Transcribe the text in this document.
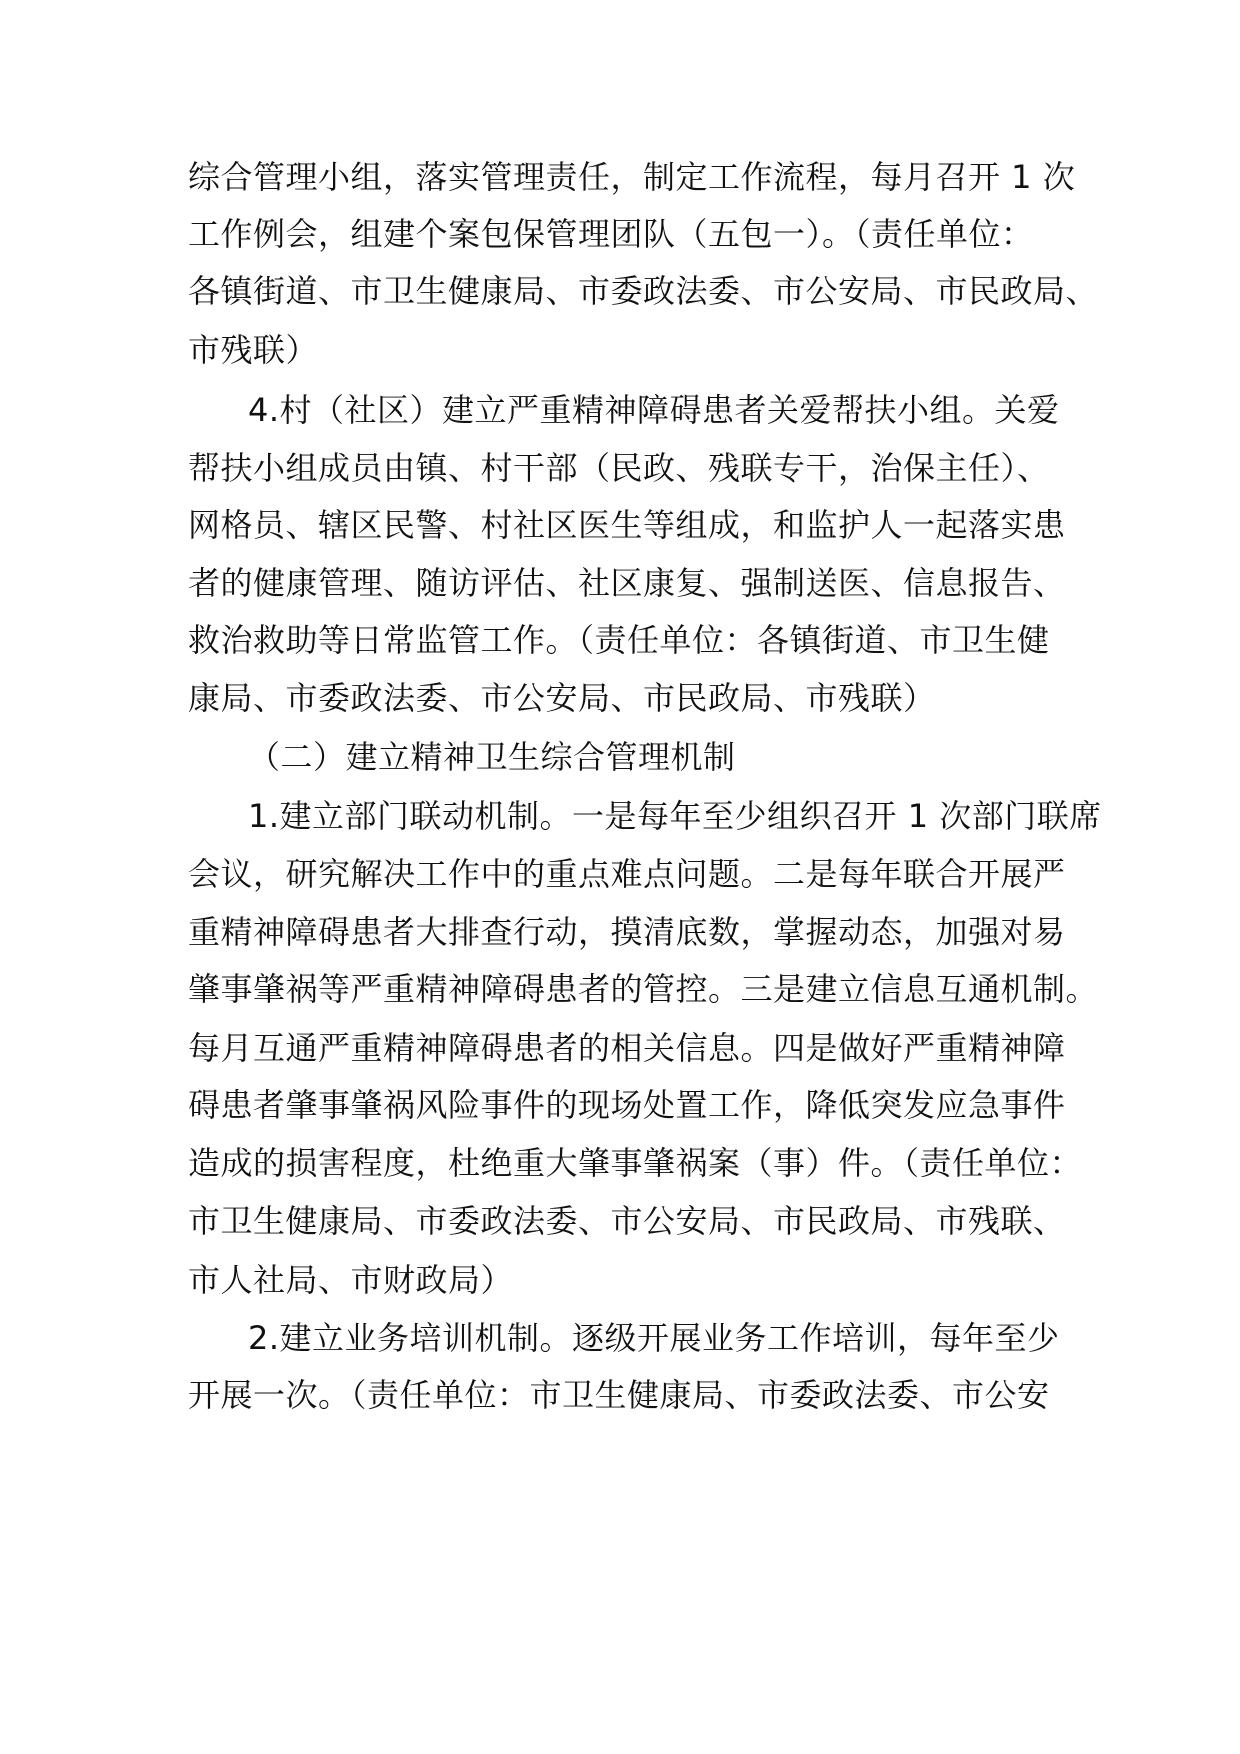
综合管理小组，落实管理责任，制定工作流程，每月召开 1 次
工作例会，组建个案包保管理团队（五包一）。（责任单位：
各镇街道、市卫生健康局、市委政法委、市公安局、市民政局、
市残联）
4.村（社区）建立严重精神障碍患者关爱帮扶小组。关爱
帮扶小组成员由镇、村干部（民政、残联专干，治保主任）、
网格员、辖区民警、村社区医生等组成，和监护人一起落实患
者的健康管理、随访评估、社区康复、强制送医、信息报告、
救治救助等日常监管工作。（责任单位：各镇街道、市卫生健
康局、市委政法委、市公安局、市民政局、市残联）
（二）建立精神卫生综合管理机制
1.建立部门联动机制。一是每年至少组织召开 1 次部门联席
会议，研究解决工作中的重点难点问题。二是每年联合开展严
重精神障碍患者大排查行动，摸清底数，掌握动态，加强对易
肇事肇祸等严重精神障碍患者的管控。三是建立信息互通机制。
每月互通严重精神障碍患者的相关信息。四是做好严重精神障
碍患者肇事肇祸风险事件的现场处置工作，降低突发应急事件
造成的损害程度，杜绝重大肇事肇祸案（事）件。（责任单位：
市卫生健康局、市委政法委、市公安局、市民政局、市残联、
市人社局、市财政局）
2.建立业务培训机制。逐级开展业务工作培训，每年至少
开展一次。（责任单位：市卫生健康局、市委政法委、市公安
